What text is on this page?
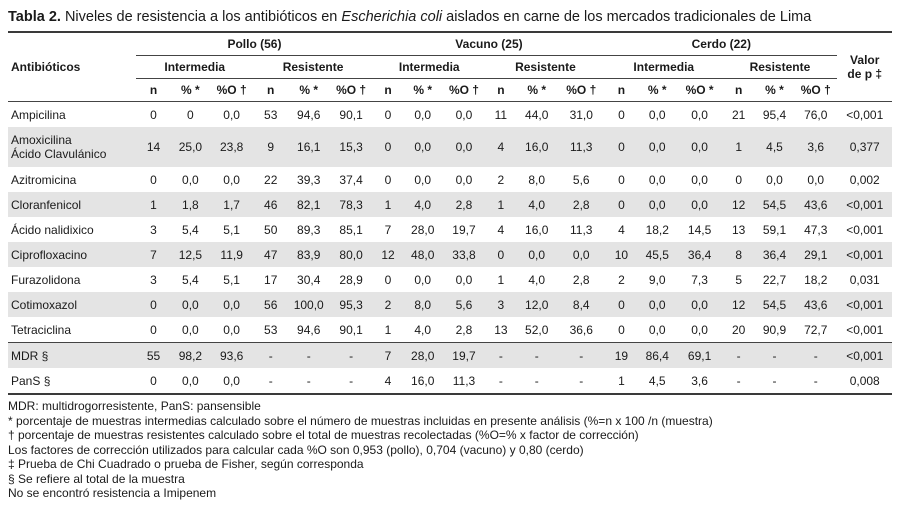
Tabla 2. Niveles de resistencia a los antibióticos en Escherichia coli aislados en carne de los mercados tradicionales de Lima
Antibióticos	Pollo (56)						Vacuno (25)						Cerdo (22)						Valor
de p ‡
	Intermedia			Resistente			Intermedia			Resistente			Intermedia			Resistente			
	n	% *	%O †	n	% *	%O †	n	% *	%O †	n	% *	%O †	n	% *	%O *	n	% *	%O †	
Ampicilina	0	0	0,0	53	94,6	90,1	0	0,0	0,0	11	44,0	31,0	0	0,0	0,0	21	95,4	76,0	<0,001
Amoxicilina
Ácido Clavulánico	14	25,0	23,8	9	16,1	15,3	0	0,0	0,0	4	16,0	11,3	0	0,0	0,0	1	4,5	3,6	0,377
Azitromicina	0	0,0	0,0	22	39,3	37,4	0	0,0	0,0	2	8,0	5,6	0	0,0	0,0	0	0,0	0,0	0,002
Cloranfenicol	1	1,8	1,7	46	82,1	78,3	1	4,0	2,8	1	4,0	2,8	0	0,0	0,0	12	54,5	43,6	<0,001
Ácido nalidixico	3	5,4	5,1	50	89,3	85,1	7	28,0	19,7	4	16,0	11,3	4	18,2	14,5	13	59,1	47,3	<0,001
Ciprofloxacino	7	12,5	11,9	47	83,9	80,0	12	48,0	33,8	0	0,0	0,0	10	45,5	36,4	8	36,4	29,1	<0,001
Furazolidona	3	5,4	5,1	17	30,4	28,9	0	0,0	0,0	1	4,0	2,8	2	9,0	7,3	5	22,7	18,2	0,031
Cotimoxazol	0	0,0	0,0	56	100,0	95,3	2	8,0	5,6	3	12,0	8,4	0	0,0	0,0	12	54,5	43,6	<0,001
Tetraciclina	0	0,0	0,0	53	94,6	90,1	1	4,0	2,8	13	52,0	36,6	0	0,0	0,0	20	90,9	72,7	<0,001
MDR §	55	98,2	93,6	-	-	-	7	28,0	19,7	-	-	-	19	86,4	69,1	-	-	-	<0,001
PanS §	0	0,0	0,0	-	-	-	4	16,0	11,3	-	-	-	1	4,5	3,6	-	-	-	0,008
MDR: multidrogorresistente, PanS: pansensible
* porcentaje de muestras intermedias calculado sobre el número de muestras incluidas en presente análisis (%=n x 100 /n (muestra)
† porcentaje de muestras resistentes calculado sobre el total de muestras recolectadas (%O=% x factor de corrección)
Los factores de corrección utilizados para calcular cada %O son 0,953 (pollo), 0,704 (vacuno) y 0,80 (cerdo)
‡ Prueba de Chi Cuadrado o prueba de Fisher, según corresponda
§ Se refiere al total de la muestra
No se encontró resistencia a Imipenem
